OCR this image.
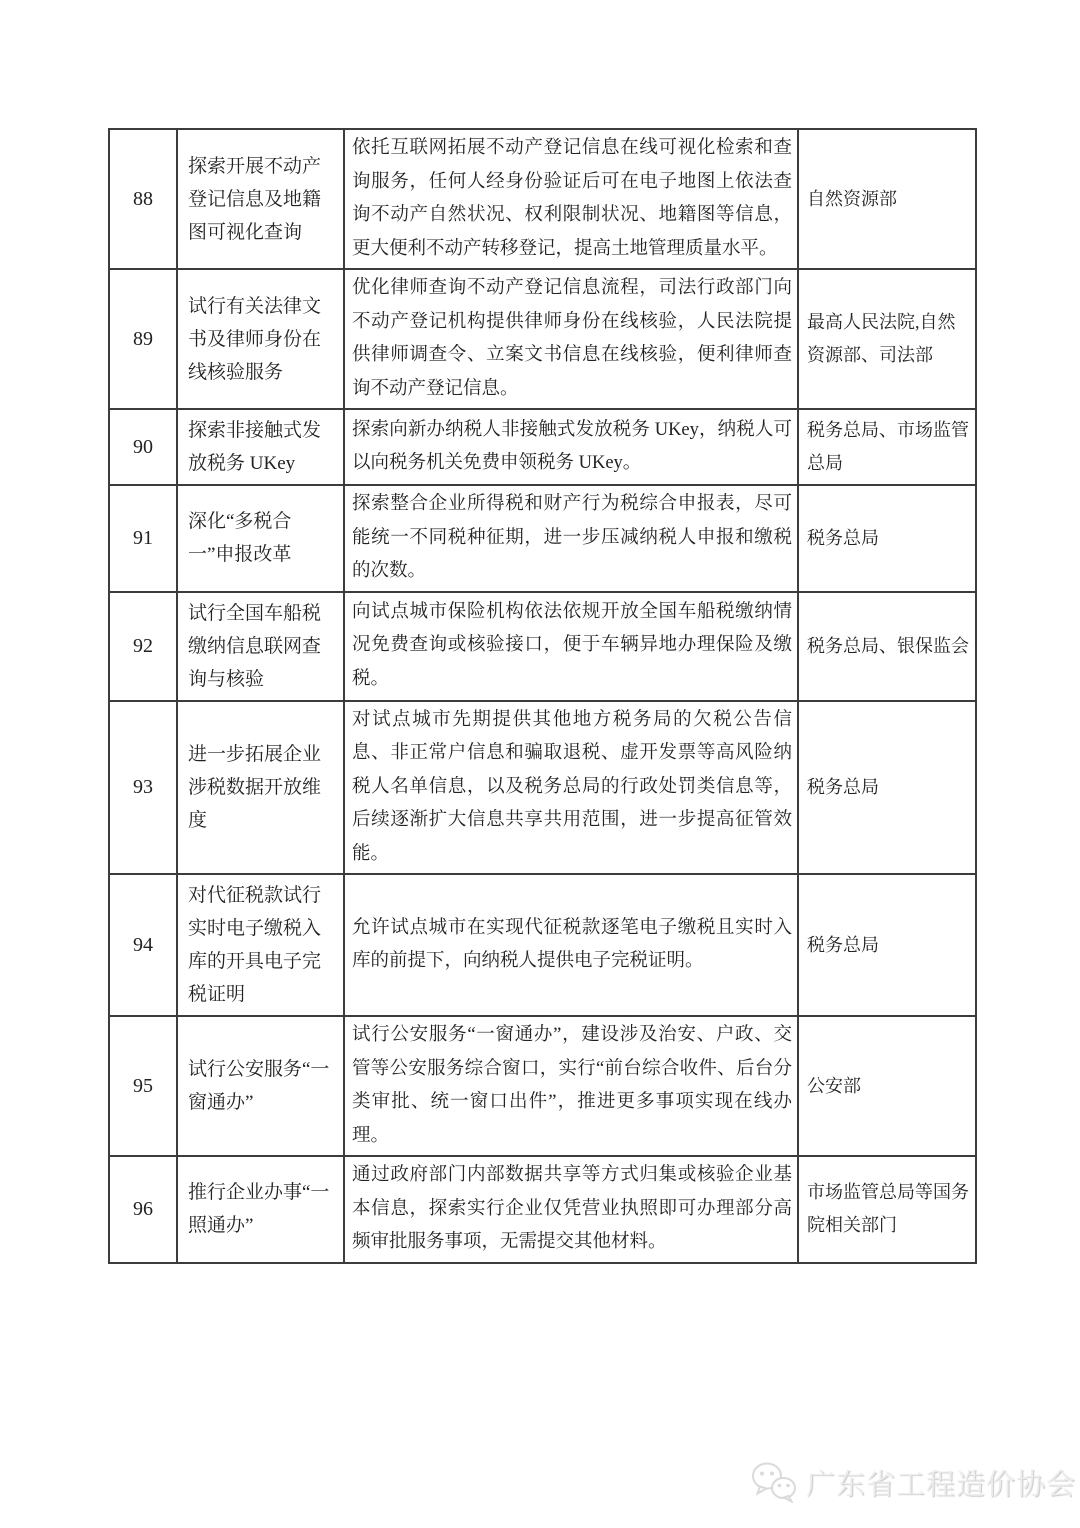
88	探索开展不动产登记信息及地籍图可视化查询	依托互联网拓展不动产登记信息在线可视化检索和查询服务，任何人经身份验证后可在电子地图上依法查询不动产自然状况、权利限制状况、地籍图等信息，更大便利不动产转移登记，提高土地管理质量水平。	自然资源部
89	试行有关法律文书及律师身份在线核验服务	优化律师查询不动产登记信息流程，司法行政部门向不动产登记机构提供律师身份在线核验，人民法院提供律师调查令、立案文书信息在线核验，便利律师查询不动产登记信息。	最高人民法院,自然资源部、司法部
90	探索非接触式发放税务 UKey	探索向新办纳税人非接触式发放税务 UKey，纳税人可以向税务机关免费申领税务 UKey。	税务总局、市场监管总局
91	深化“多税合一”申报改革	探索整合企业所得税和财产行为税综合申报表，尽可能统一不同税种征期，进一步压减纳税人申报和缴税的次数。	税务总局
92	试行全国车船税缴纳信息联网查询与核验	向试点城市保险机构依法依规开放全国车船税缴纳情况免费查询或核验接口，便于车辆异地办理保险及缴税。	税务总局、银保监会
93	进一步拓展企业涉税数据开放维度	对试点城市先期提供其他地方税务局的欠税公告信息、非正常户信息和骗取退税、虚开发票等高风险纳税人名单信息，以及税务总局的行政处罚类信息等，后续逐渐扩大信息共享共用范围，进一步提高征管效能。	税务总局
94	对代征税款试行实时电子缴税入库的开具电子完税证明	允许试点城市在实现代征税款逐笔电子缴税且实时入库的前提下，向纳税人提供电子完税证明。	税务总局
95	试行公安服务“一窗通办”	试行公安服务“一窗通办”，建设涉及治安、户政、交管等公安服务综合窗口，实行“前台综合收件、后台分类审批、统一窗口出件”，推进更多事项实现在线办理。	公安部
96	推行企业办事“一照通办”	通过政府部门内部数据共享等方式归集或核验企业基本信息，探索实行企业仅凭营业执照即可办理部分高频审批服务事项，无需提交其他材料。	市场监管总局等国务院相关部门
广东省工程造价协会
